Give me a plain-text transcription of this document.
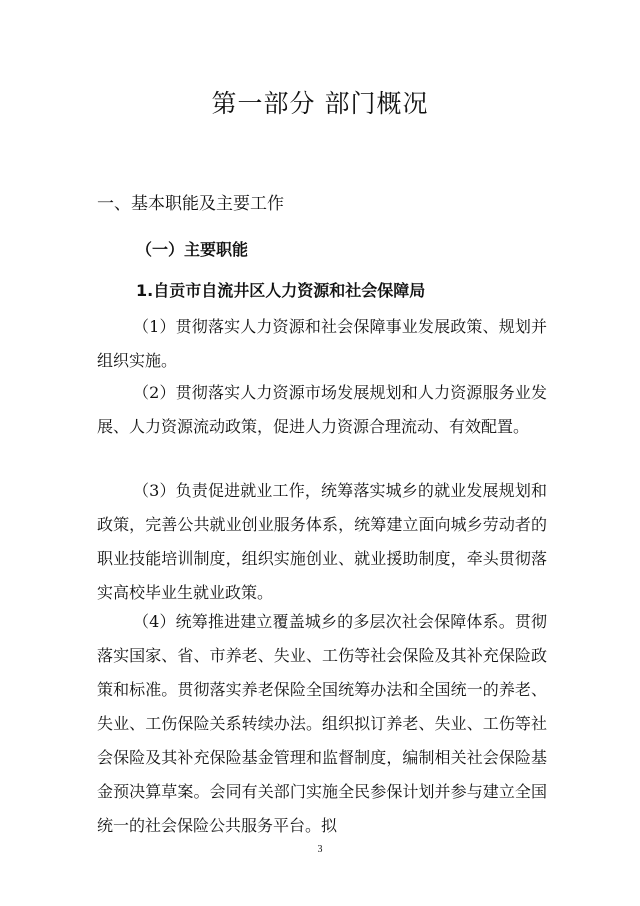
第一部分 部门概况
一、基本职能及主要工作
（一）主要职能
1.自贡市自流井区人力资源和社会保障局

（1）贯彻落实人力资源和社会保障事业发展政策、规划并组织实施。

（2）贯彻落实人力资源市场发展规划和人力资源服务业发展、人力资源流动政策，促进人力资源合理流动、有效配置。

（3）负责促进就业工作，统筹落实城乡的就业发展规划和政策，完善公共就业创业服务体系，统筹建立面向城乡劳动者的职业技能培训制度，组织实施创业、就业援助制度，牵头贯彻落实高校毕业生就业政策。

（4）统筹推进建立覆盖城乡的多层次社会保障体系。贯彻落实国家、省、市养老、失业、工伤等社会保险及其补充保险政策和标准。贯彻落实养老保险全国统筹办法和全国统一的养老、失业、工伤保险关系转续办法。组织拟订养老、失业、工伤等社会保险及其补充保险基金管理和监督制度，编制相关社会保险基金预决算草案。会同有关部门实施全民参保计划并参与建立全国统一的社会保险公共服务平台。拟

3
